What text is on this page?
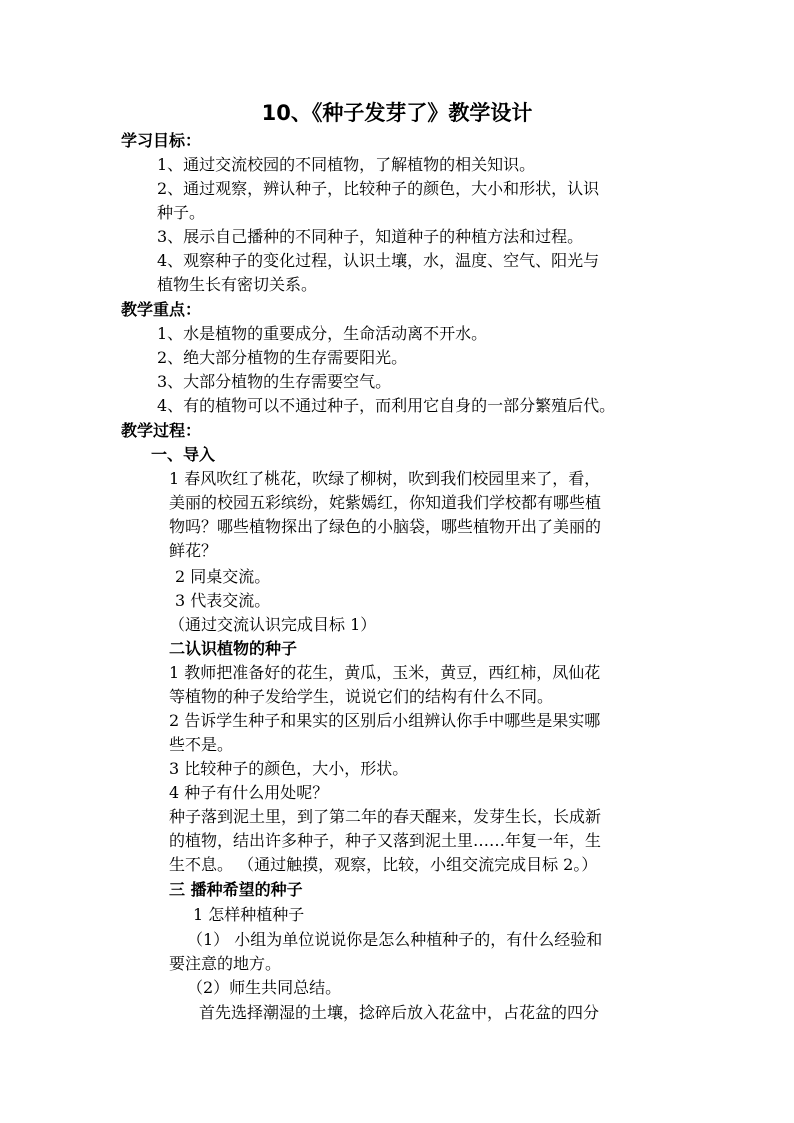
10、《种子发芽了》教学设计
学习目标：
1、通过交流校园的不同植物，了解植物的相关知识。
2、通过观察，辨认种子，比较种子的颜色，大小和形状，认识
种子。
3、展示自己播种的不同种子，知道种子的种植方法和过程。
4、观察种子的变化过程，认识土壤，水，温度、空气、阳光与
植物生长有密切关系。
教学重点：
1、水是植物的重要成分，生命活动离不开水。
2、绝大部分植物的生存需要阳光。
3、大部分植物的生存需要空气。
4、有的植物可以不通过种子，而利用它自身的一部分繁殖后代。
教学过程：
一、导入
1 春风吹红了桃花，吹绿了柳树，吹到我们校园里来了，看，
美丽的校园五彩缤纷，姹紫嫣红，你知道我们学校都有哪些植
物吗？哪些植物探出了绿色的小脑袋，哪些植物开出了美丽的
鲜花？
2 同桌交流。
3 代表交流。
（通过交流认识完成目标 1）
二认识植物的种子
1 教师把准备好的花生，黄瓜，玉米，黄豆，西红柿，凤仙花
等植物的种子发给学生，说说它们的结构有什么不同。
2 告诉学生种子和果实的区别后小组辨认你手中哪些是果实哪
些不是。
3 比较种子的颜色，大小，形状。
4 种子有什么用处呢？
种子落到泥土里，到了第二年的春天醒来，发芽生长，长成新
的植物，结出许多种子，种子又落到泥土里……年复一年，生
生不息。 （通过触摸，观察，比较，小组交流完成目标 2。）
三 播种希望的种子
1 怎样种植种子
（1） 小组为单位说说你是怎么种植种子的，有什么经验和
要注意的地方。
（2）师生共同总结。
首先选择潮湿的土壤，捻碎后放入花盆中，占花盆的四分
